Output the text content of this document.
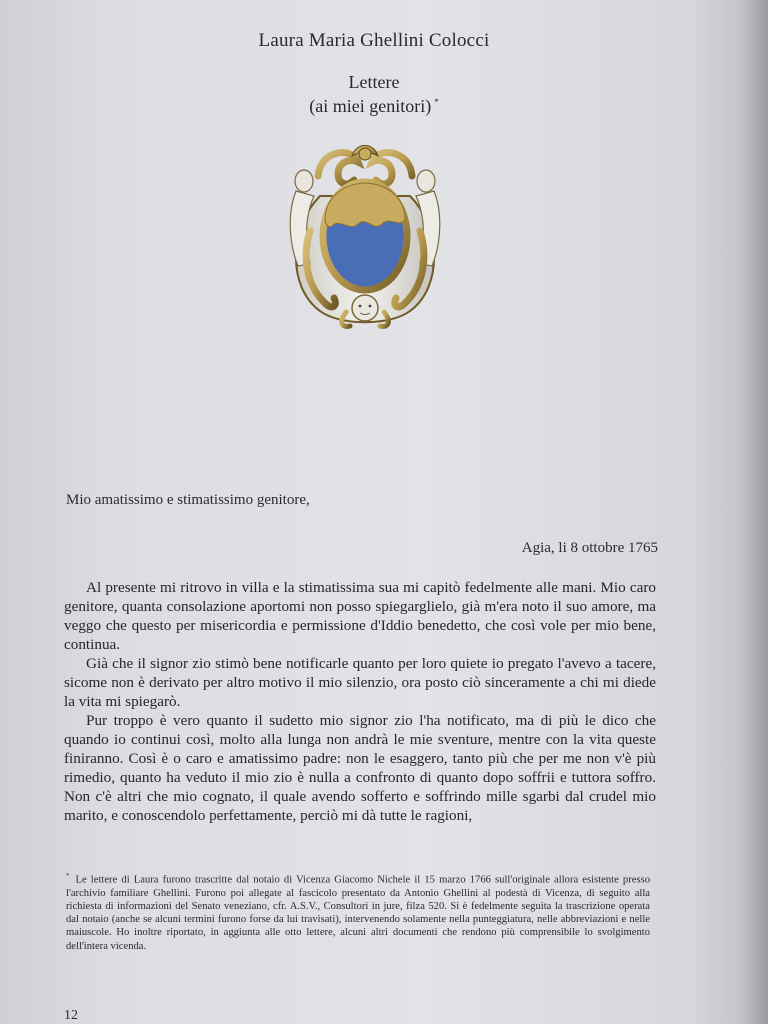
Laura Maria Ghellini Colocci
Lettere
(ai miei genitori) *
Mio amatissimo e stimatissimo genitore,
Agia, li 8 ottobre 1765

Al presente mi ritrovo in villa e la stimatissima sua mi capitò fedelmente alle mani. Mio caro genitore, quanta consolazione aportomi non posso spiegarglielo, già m'era noto il suo amore, ma veggo che questo per misericordia e permissione d'Iddio benedetto, che così vole per mio bene, continua.

Già che il signor zio stimò bene notificarle quanto per loro quiete io pregato l'avevo a tacere, sicome non è derivato per altro motivo il mio silenzio, ora posto ciò sinceramente a chi mi diede la vita mi spiegarò.

Pur troppo è vero quanto il sudetto mio signor zio l'ha notificato, ma di più le dico che quando io continui così, molto alla lunga non andrà le mie sventure, mentre con la vita queste finiranno. Così è o caro e amatissimo padre: non le esaggero, tanto più che per me non v'è più rimedio, quanto ha veduto il mio zio è nulla a confronto di quanto dopo soffrii e tuttora soffro. Non c'è altri che mio cognato, il quale avendo sofferto e soffrindo mille sgarbi dal crudel mio marito, e conoscendolo perfettamente, perciò mi dà tutte le ragioni,

* Le lettere di Laura furono trascritte dal notaio di Vicenza Giacomo Nichele il 15 marzo 1766 sull'originale allora esistente presso l'archivio familiare Ghellini. Furono poi allegate al fascicolo presentato da Antonio Ghellini al podestà di Vicenza, di seguito alla richiesta di informazioni del Senato veneziano, cfr. A.S.V., Consultori in jure, filza 520. Si è fedelmente seguita la trascrizione operata dal notaio (anche se alcuni termini furono forse da lui travisati), intervenendo solamente nella punteggiatura, nelle abbreviazioni e nelle maiuscole. Ho inoltre riportato, in aggiunta alle otto lettere, alcuni altri documenti che rendono più comprensibile lo svolgimento dell'intera vicenda.
12
